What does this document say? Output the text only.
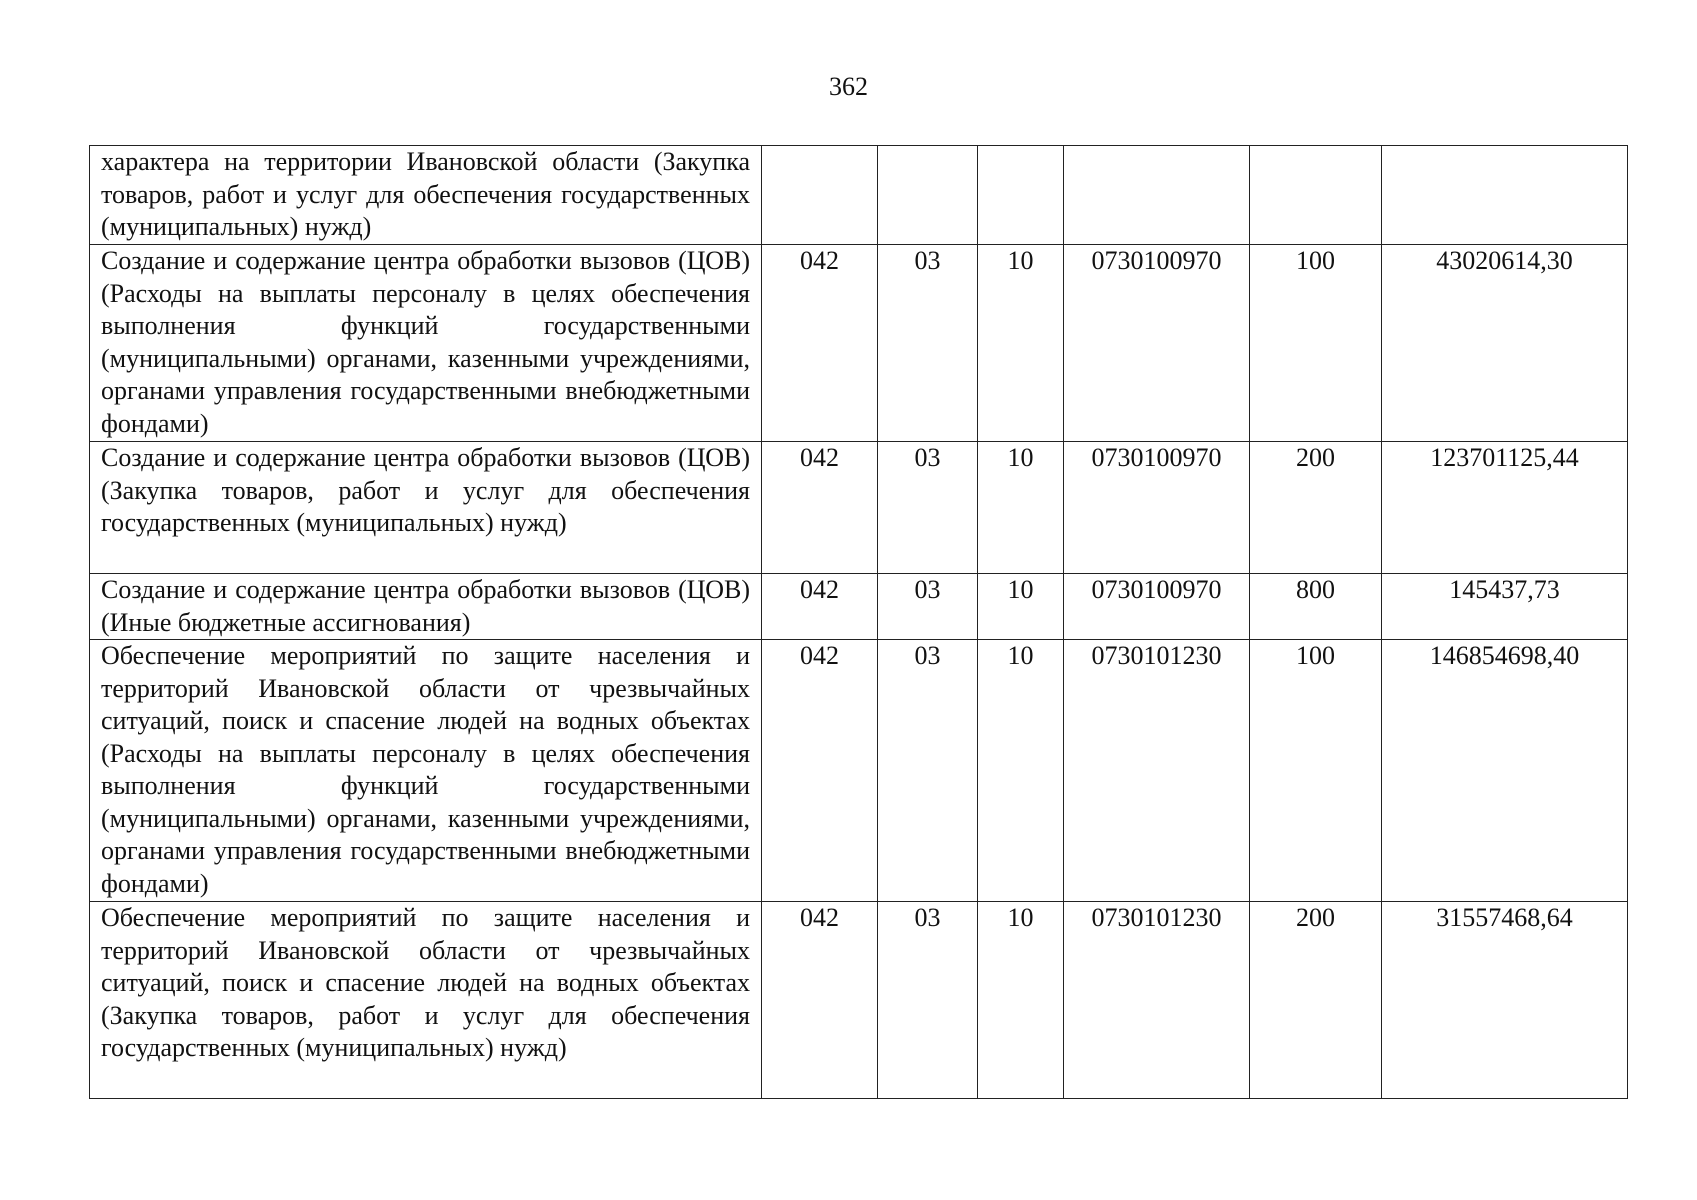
362
характера на территории Ивановской области (Закупка товаров, работ и услуг для обеспечения государственных (муниципальных) нужд)						
Создание и содержание центра обработки вызовов (ЦОВ) (Расходы на выплаты персоналу в целях обеспечения выполнения функций государственными (муниципальными) органами, казенными учреждениями, органами управления государственными внебюджетными фондами)	042	03	10	0730100970	100	43020614,30
Создание и содержание центра обработки вызовов (ЦОВ) (Закупка товаров, работ и услуг для обеспечения государственных (муниципальных) нужд)	042	03	10	0730100970	200	123701125,44
Создание и содержание центра обработки вызовов (ЦОВ) (Иные бюджетные ассигнования)	042	03	10	0730100970	800	145437,73
Обеспечение мероприятий по защите населения и территорий Ивановской области от чрезвычайных ситуаций, поиск и спасение людей на водных объектах (Расходы на выплаты персоналу в целях обеспечения выполнения функций государственными (муниципальными) органами, казенными учреждениями, органами управления государственными внебюджетными фондами)	042	03	10	0730101230	100	146854698,40
Обеспечение мероприятий по защите населения и территорий Ивановской области от чрезвычайных ситуаций, поиск и спасение людей на водных объектах (Закупка товаров, работ и услуг для обеспечения государственных (муниципальных) нужд)	042	03	10	0730101230	200	31557468,64
